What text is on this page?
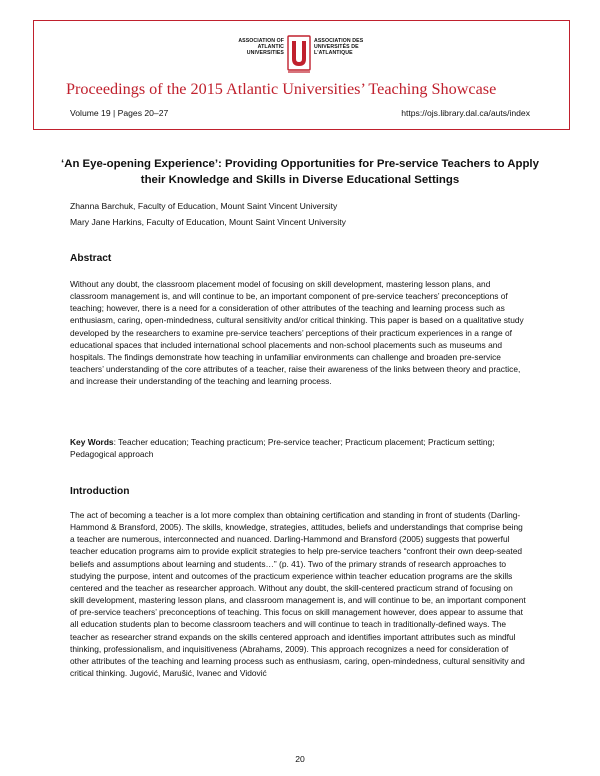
ASSOCIATION OF
ATLANTIC
UNIVERSITIES
ASSOCIATION DES
UNIVERSITÉS DE
L'ATLANTIQUE
Proceedings of the 2015 Atlantic Universities’ Teaching Showcase
Volume 19 | Pages 20–27	https://ojs.library.dal.ca/auts/index
‘An Eye-opening Experience’: Providing Opportunities for Pre-service Teachers to Apply their Knowledge and Skills in Diverse Educational Settings
Zhanna Barchuk, Faculty of Education, Mount Saint Vincent University
Mary Jane Harkins, Faculty of Education, Mount Saint Vincent University
Abstract
Without any doubt, the classroom placement model of focusing on skill development, mastering lesson plans, and classroom management is, and will continue to be, an important component of pre-service teachers’ preconceptions of teaching; however, there is a need for a consideration of other attributes of the teaching and learning process such as enthusiasm, caring, open-mindedness, cultural sensitivity and/or critical thinking. This paper is based on a qualitative study developed by the researchers to examine pre-service teachers’ perceptions of their practicum experiences in a range of educational spaces that included international school placements and non-school placements such as museums and hospitals. The findings demonstrate how teaching in unfamiliar environments can challenge and broaden pre-service teachers’ understanding of the core attributes of a teacher, raise their awareness of the links between theory and practice, and increase their understanding of the teaching and learning process.
Key Words: Teacher education; Teaching practicum; Pre-service teacher; Practicum placement; Practicum setting; Pedagogical approach
Introduction
The act of becoming a teacher is a lot more complex than obtaining certification and standing in front of students (Darling-Hammond & Bransford, 2005). The skills, knowledge, strategies, attitudes, beliefs and understandings that comprise being a teacher are numerous, interconnected and nuanced. Darling-Hammond and Bransford (2005) suggests that powerful teacher education programs aim to provide explicit strategies to help pre-service teachers “confront their own deep-seated beliefs and assumptions about learning and students…” (p. 41). Two of the primary strands of research approaches to studying the purpose, intent and outcomes of the practicum experience within teacher education programs are the skills centered and the teacher as researcher approach. Without any doubt, the skill-centered practicum strand of focusing on skill development, mastering lesson plans, and classroom management is, and will continue to be, an important component of pre-service teachers’ preconceptions of teaching. This focus on skill management however, does appear to assume that all education students plan to become classroom teachers and will continue to teach in traditionally-defined ways. The teacher as researcher strand expands on the skills centered approach and identifies important attributes such as mindful thinking, professionalism, and inquisitiveness (Abrahams, 2009). This approach recognizes a need for consideration of other attributes of the teaching and learning process such as enthusiasm, caring, open-mindedness, cultural sensitivity and critical thinking. Jugović, Marušić, Ivanec and Vidović
20
